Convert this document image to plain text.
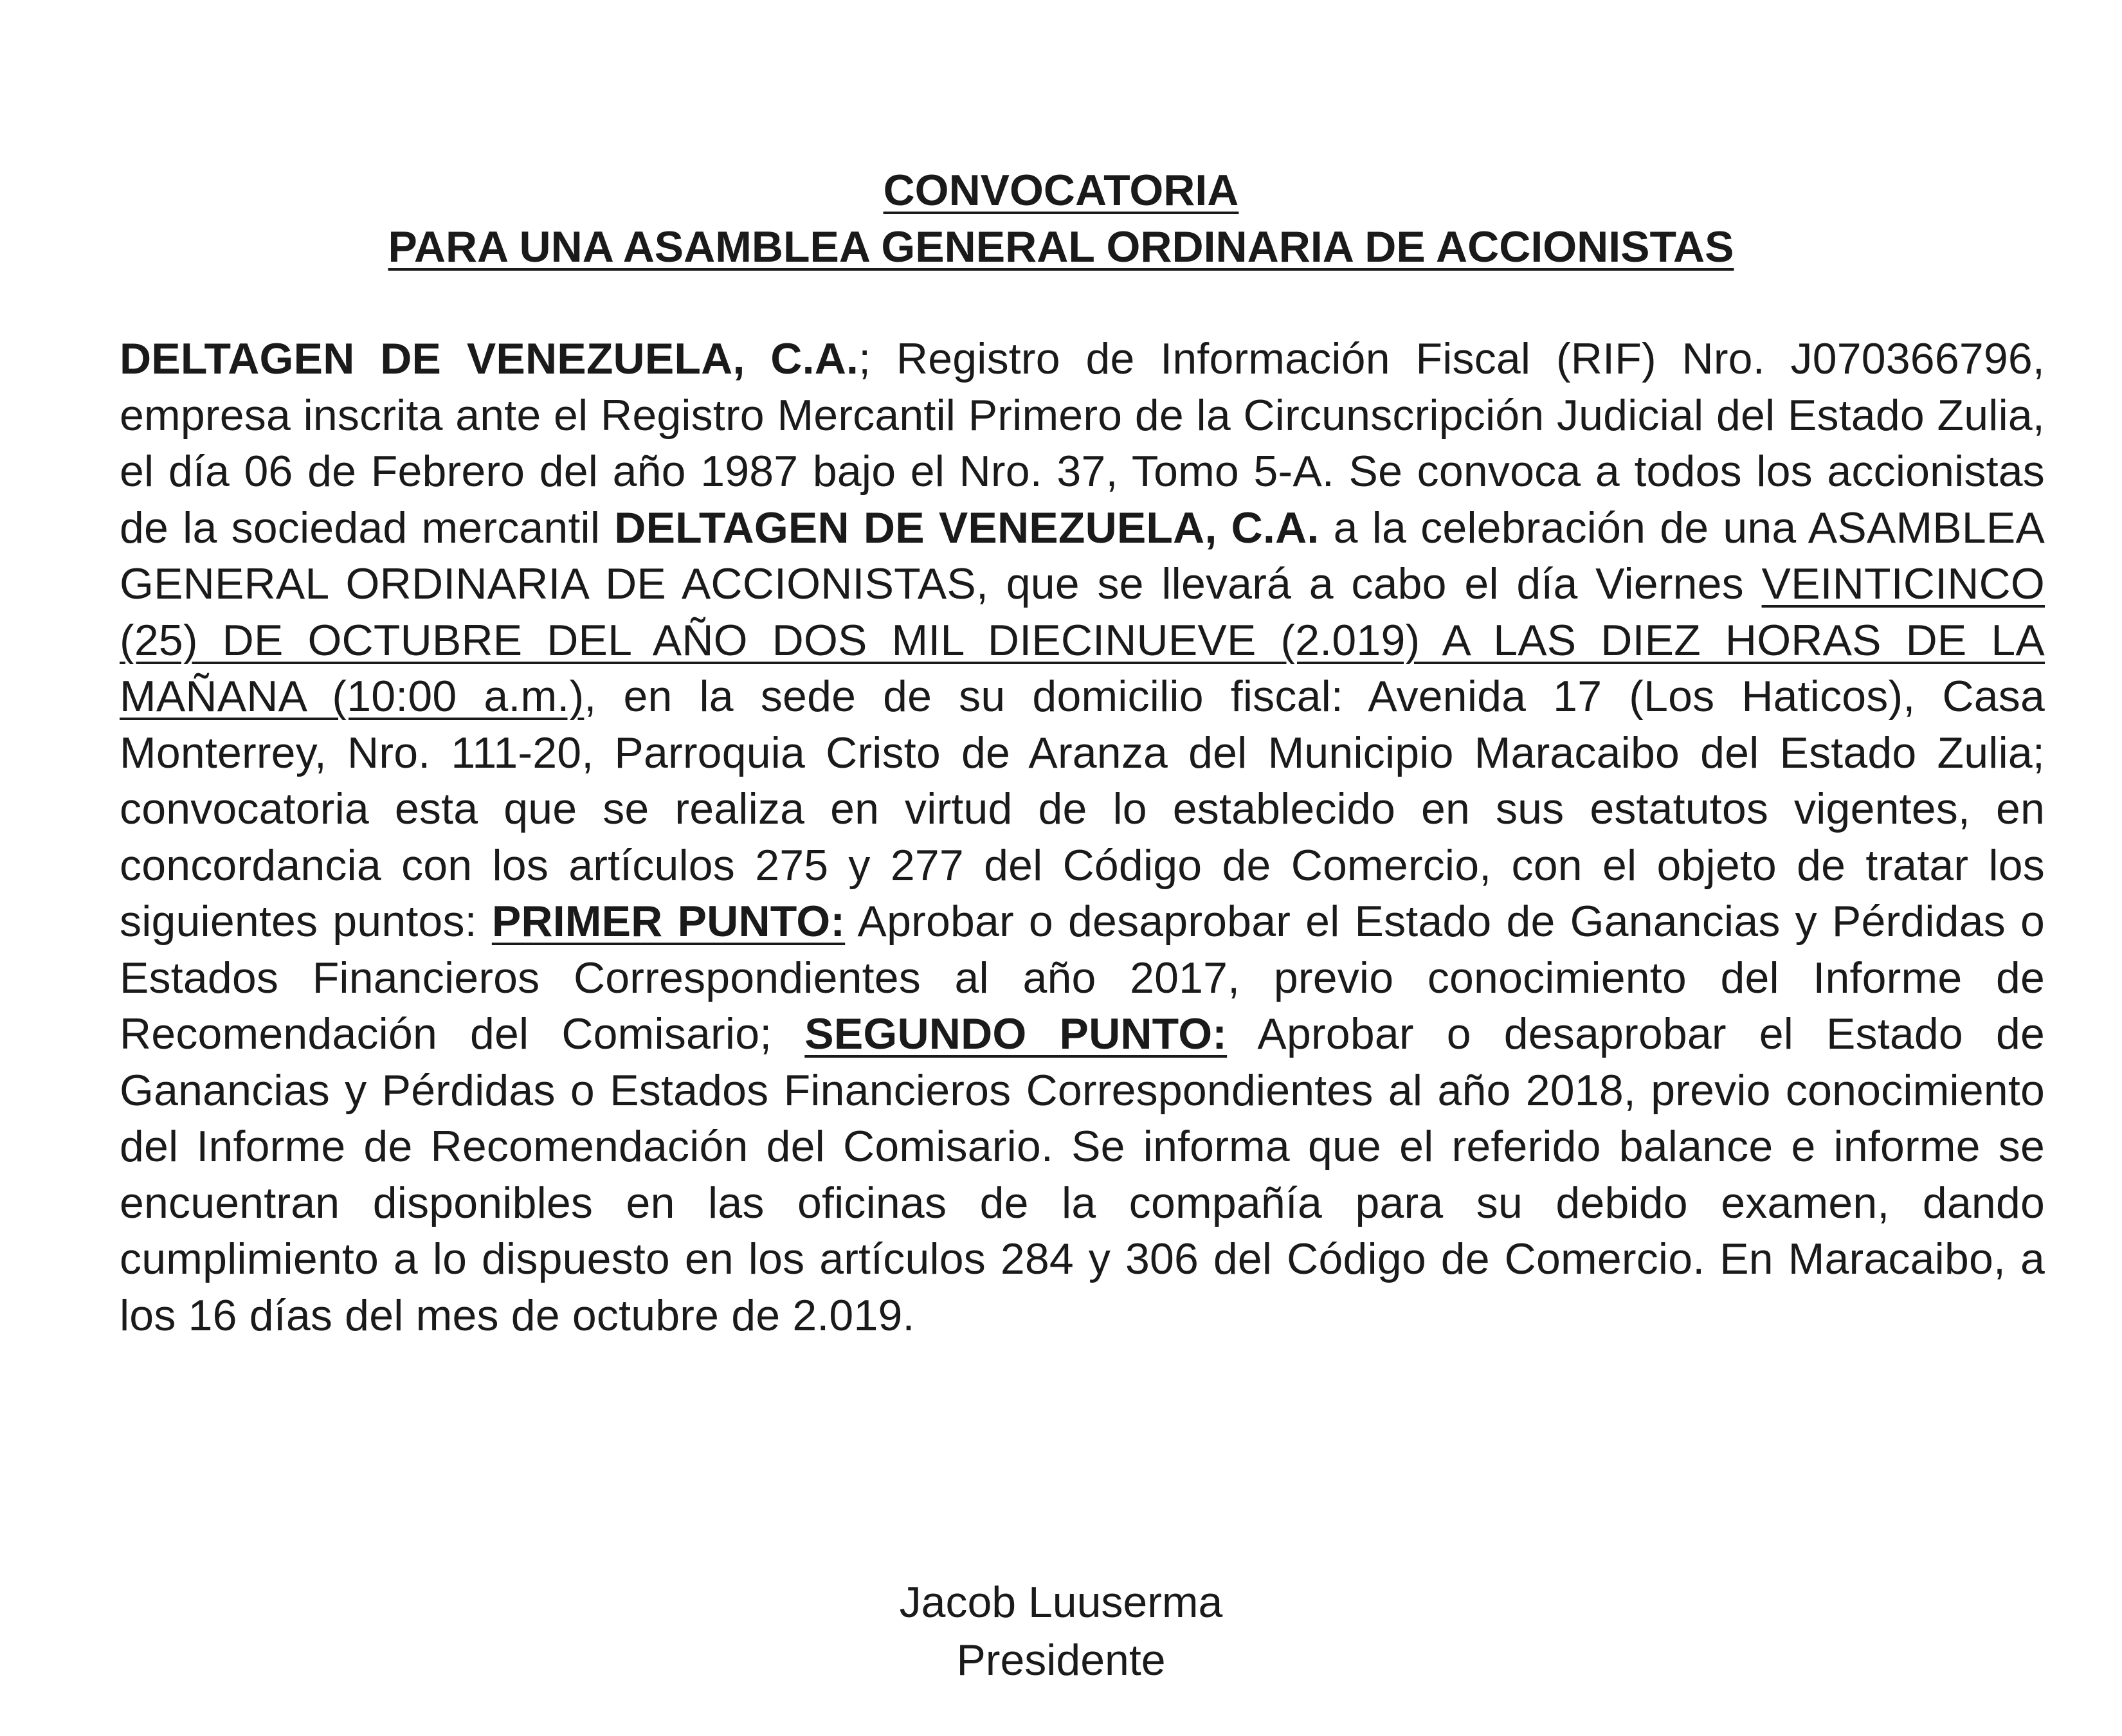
CONVOCATORIA
PARA UNA ASAMBLEA GENERAL ORDINARIA DE ACCIONISTAS
DELTAGEN DE VENEZUELA, C.A.; Registro de Información Fiscal (RIF) Nro. J070366796, empresa inscrita ante el Registro Mercantil Primero de la Circunscripción Judicial del Estado Zulia, el día 06 de Febrero del año 1987 bajo el Nro. 37, Tomo 5-A. Se convoca a todos los accionistas de la sociedad mercantil DELTAGEN DE VENEZUELA, C.A. a la celebración de una ASAMBLEA GENERAL ORDINARIA DE ACCIONISTAS, que se llevará a cabo el día Viernes VEINTICINCO (25) DE OCTUBRE DEL AÑO DOS MIL DIECINUEVE (2.019) A LAS DIEZ HORAS DE LA MAÑANA (10:00 a.m.), en la sede de su domicilio fiscal: Avenida 17 (Los Haticos), Casa Monterrey, Nro. 111-20, Parroquia Cristo de Aranza del Municipio Maracaibo del Estado Zulia; convocatoria esta que se realiza en virtud de lo establecido en sus estatutos vigentes, en concordancia con los artículos 275 y 277 del Código de Comercio, con el objeto de tratar los siguientes puntos: PRIMER PUNTO: Aprobar o desaprobar el Estado de Ganancias y Pérdidas o Estados Financieros Correspondientes al año 2017, previo conocimiento del Informe de Recomendación del Comisario; SEGUNDO PUNTO: Aprobar o desaprobar el Estado de Ganancias y Pérdidas o Estados Financieros Correspondientes al año 2018, previo conocimiento del Informe de Recomendación del Comisario. Se informa que el referido balance e informe se encuentran disponibles en las oficinas de la compañía para su debido examen, dando cumplimiento a lo dispuesto en los artículos 284 y 306 del Código de Comercio. En Maracaibo, a los 16 días del mes de octubre de 2.019.
Jacob Luuserma
Presidente
